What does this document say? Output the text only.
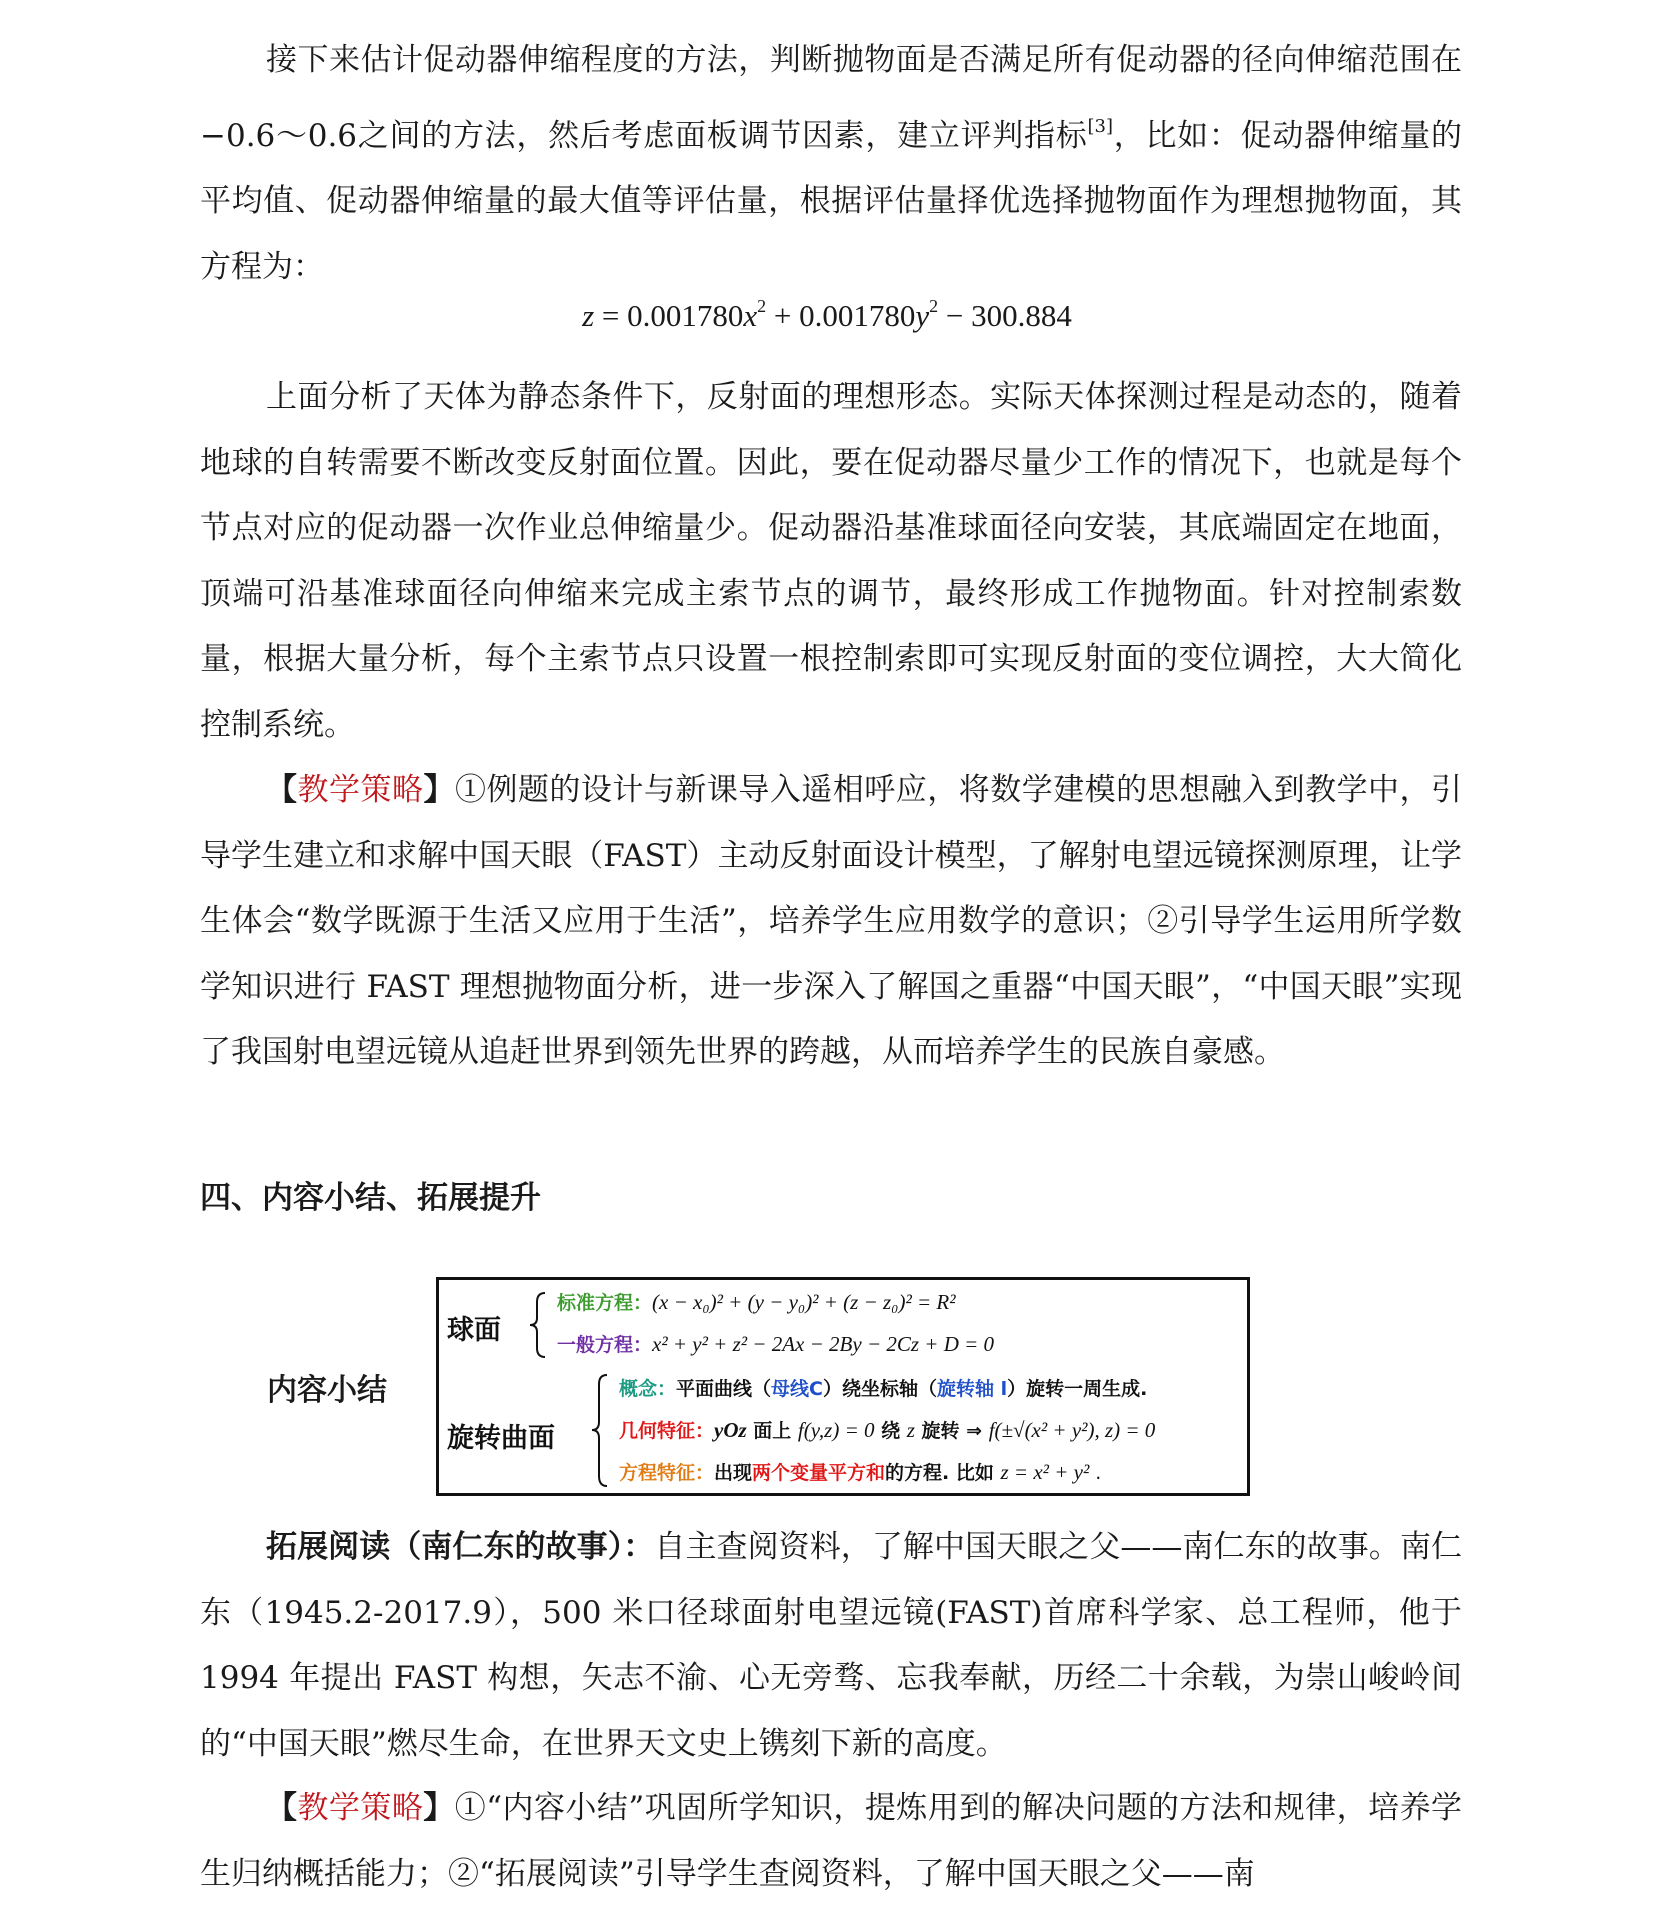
接下来估计促动器伸缩程度的方法，判断抛物面是否满足所有促动器的径向伸缩范围在−0.6～0.6之间的方法，然后考虑面板调节因素，建立评判指标[3]，比如：促动器伸缩量的平均值、促动器伸缩量的最大值等评估量，根据评估量择优选择抛物面作为理想抛物面，其方程为：

$z = 0.001780x^2 + 0.001780y^2 - 300.884$

上面分析了天体为静态条件下，反射面的理想形态。实际天体探测过程是动态的，随着地球的自转需要不断改变反射面位置。因此，要在促动器尽量少工作的情况下，也就是每个节点对应的促动器一次作业总伸缩量少。促动器沿基准球面径向安装，其底端固定在地面，顶端可沿基准球面径向伸缩来完成主索节点的调节，最终形成工作抛物面。针对控制索数量，根据大量分析，每个主索节点只设置一根控制索即可实现反射面的变位调控，大大简化控制系统。

【教学策略】①例题的设计与新课导入遥相呼应，将数学建模的思想融入到教学中，引导学生建立和求解中国天眼（FAST）主动反射面设计模型，了解射电望远镜探测原理，让学生体会“数学既源于生活又应用于生活”，培养学生应用数学的意识；②引导学生运用所学数学知识进行 FAST 理想抛物面分析，进一步深入了解国之重器“中国天眼”，“中国天眼”实现了我国射电望远镜从追赶世界到领先世界的跨越，从而培养学生的民族自豪感。

四、内容小结、拓展提升
内容小结
球面
标准方程：(x − x₀)² + (y − y₀)² + (z − z₀)² = R²
一般方程：x² + y² + z² − 2Ax − 2By − 2Cz + D = 0
旋转曲面
概念：平面曲线（母线C）绕坐标轴（旋转轴 l）旋转一周生成.
几何特征：yOz 面上 f(y,z) = 0 绕 z 旋转 ⇒ f(±√(x² + y²), z) = 0
方程特征：出现两个变量平方和的方程. 比如 z = x² + y² .

拓展阅读（南仁东的故事）：自主查阅资料，了解中国天眼之父——南仁东的故事。南仁东（1945.2-2017.9），500 米口径球面射电望远镜(FAST)首席科学家、总工程师，他于 1994 年提出 FAST 构想，矢志不渝、心无旁骛、忘我奉献，历经二十余载，为崇山峻岭间的“中国天眼”燃尽生命，在世界天文史上镌刻下新的高度。

【教学策略】①“内容小结”巩固所学知识，提炼用到的解决问题的方法和规律，培养学生归纳概括能力；②“拓展阅读”引导学生查阅资料，了解中国天眼之父——南
